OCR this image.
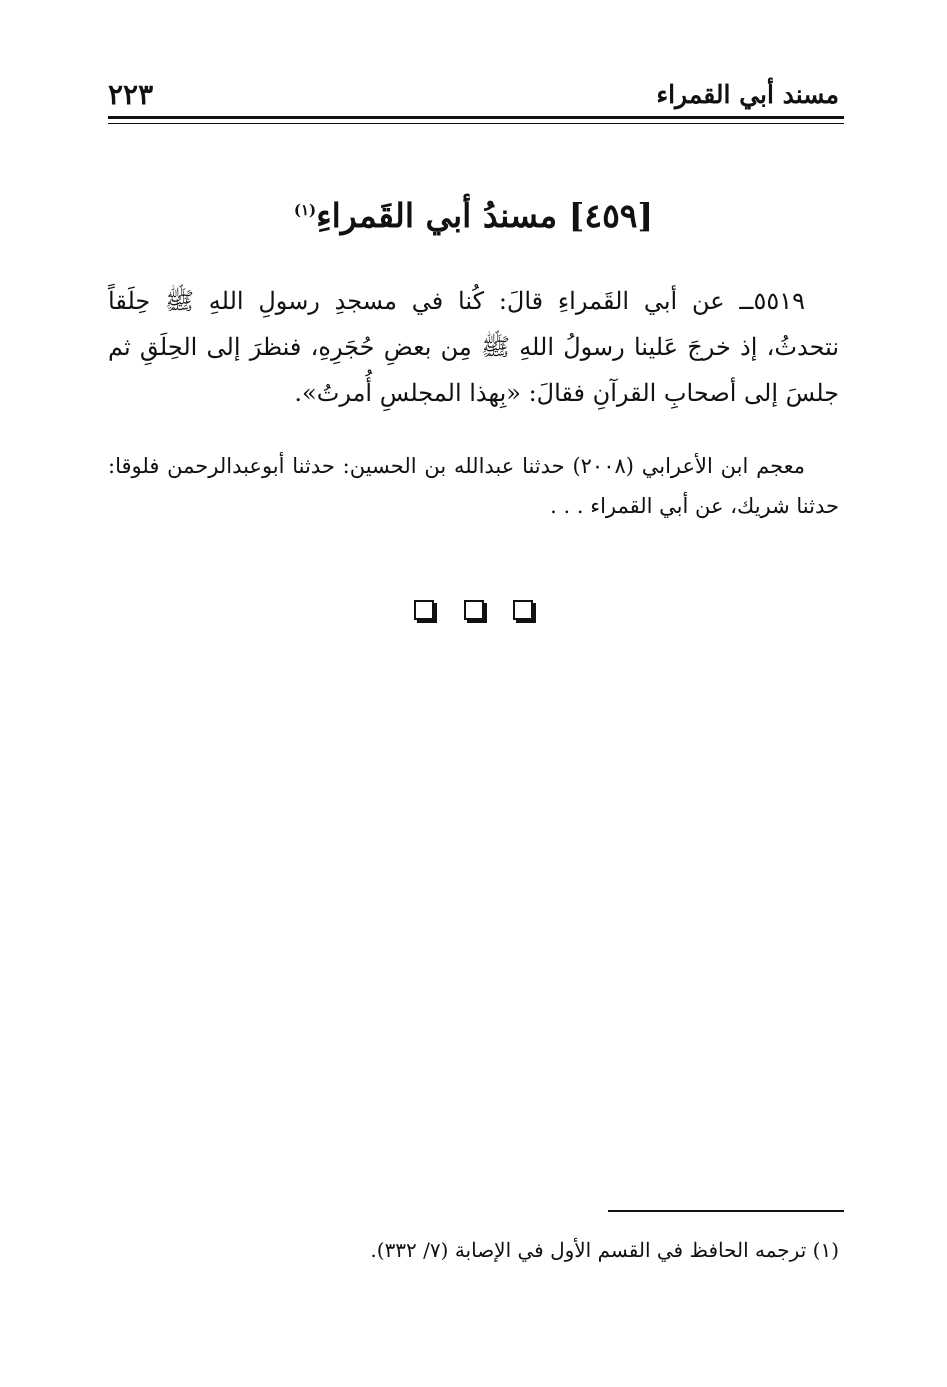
مسند أبي القمراء
٢٢٣
[٤٥٩] مسندُ أبي القَمراءِ$^{(١)}$

٥٥١٩ــ عن أبي القَمراءِ قالَ: كُنا في مسجدِ رسولِ اللهِ ﷺ حِلَقاً نتحدثُ، إذ خرجَ عَلينا رسولُ اللهِ ﷺ مِن بعضِ حُجَرِهِ، فنظرَ إلى الحِلَقِ ثم جلسَ إلى أصحابِ القرآنِ فقالَ: «بِهذا المجلسِ أُمرتُ».

معجم ابن الأعرابي (٢٠٠٨) حدثنا عبدالله بن الحسين: حدثنا أبوعبدالرحمن فلوقا: حدثنا شريك، عن أبي القمراء . . .

(١) ترجمه الحافظ في القسم الأول في الإصابة (٧/ ٣٣٢).
